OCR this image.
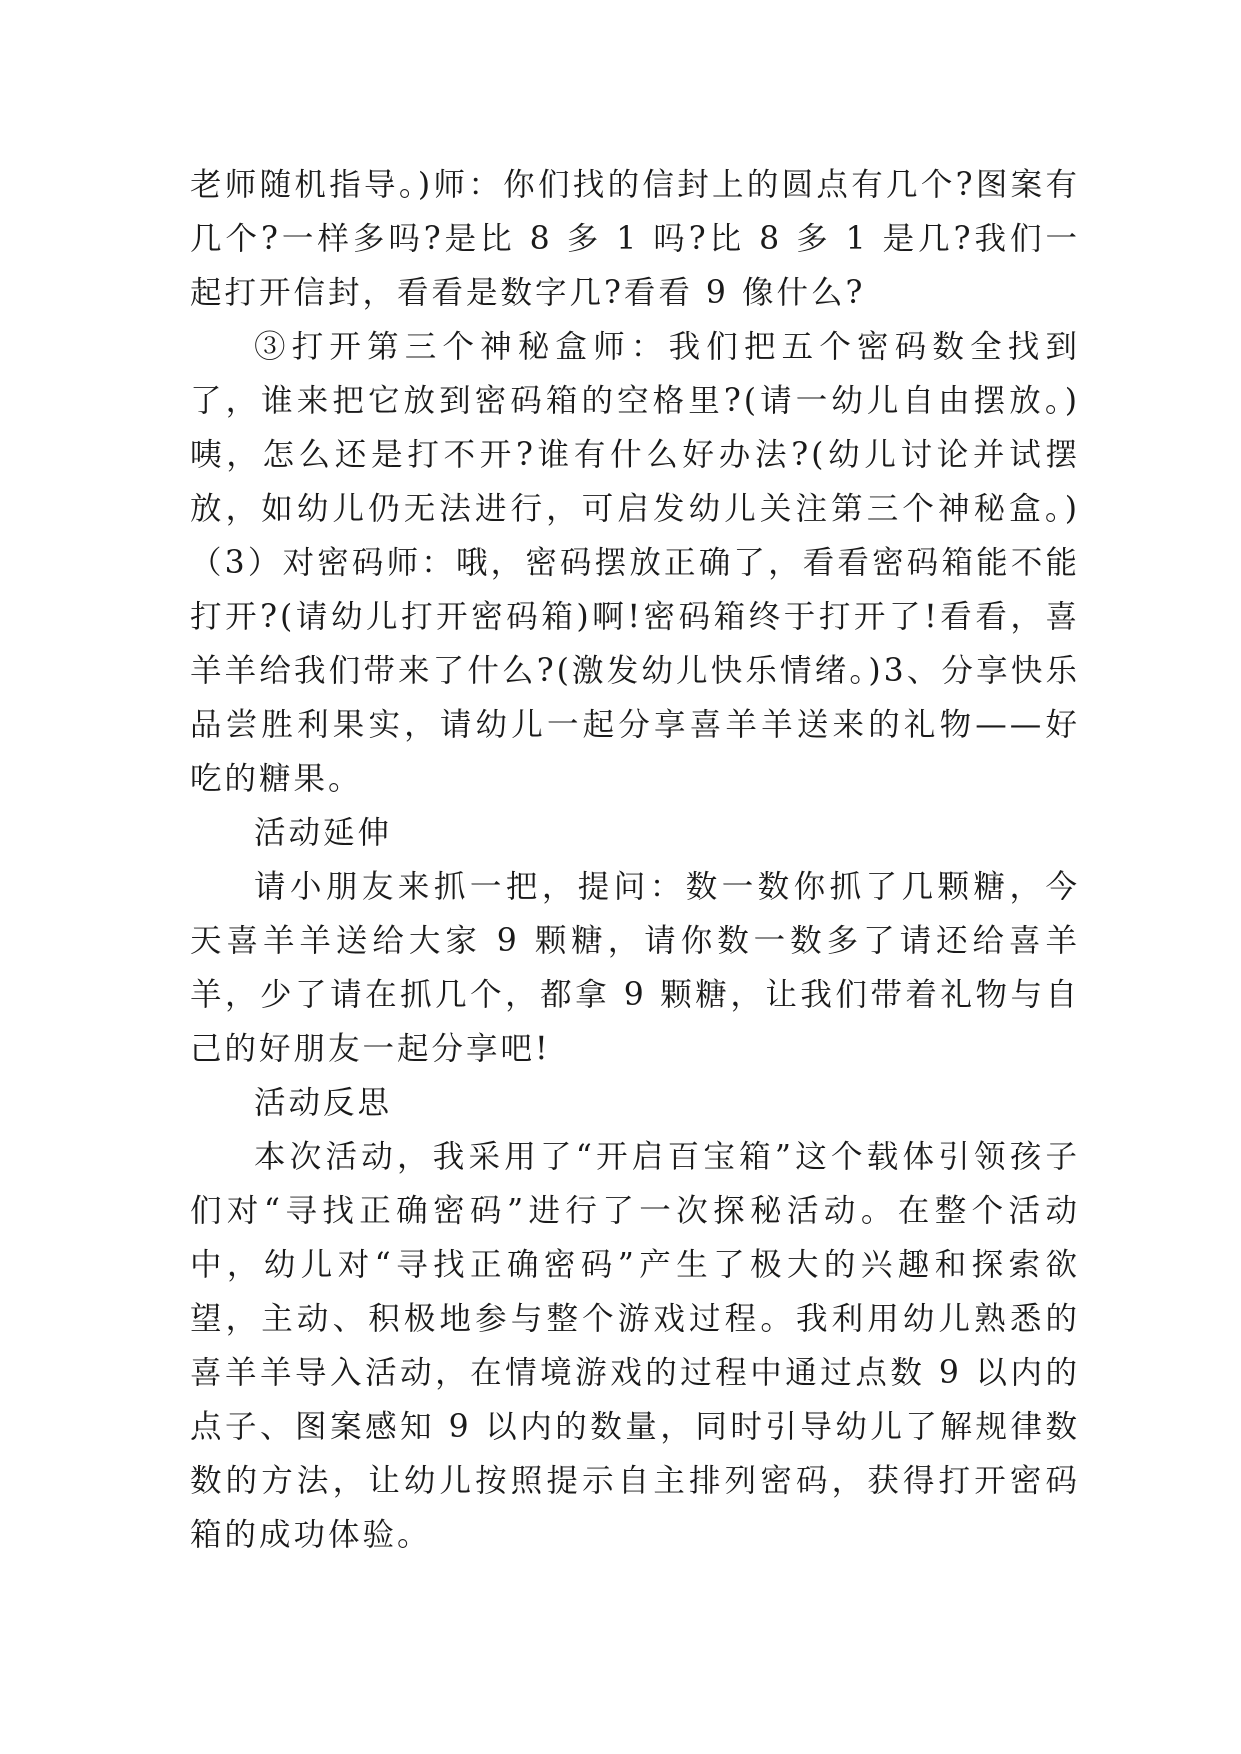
老师随机指导。)师：你们找的信封上的圆点有几个?图案有几个?一样多吗?是比 8 多 1 吗?比 8 多 1 是几?我们一起打开信封，看看是数字几?看看 9 像什么?

③打开第三个神秘盒师：我们把五个密码数全找到了，谁来把它放到密码箱的空格里?(请一幼儿自由摆放。)咦，怎么还是打不开?谁有什么好办法?(幼儿讨论并试摆放，如幼儿仍无法进行，可启发幼儿关注第三个神秘盒。)（3）对密码师：哦，密码摆放正确了，看看密码箱能不能打开?(请幼儿打开密码箱)啊!密码箱终于打开了!看看，喜羊羊给我们带来了什么?(激发幼儿快乐情绪。)3、分享快乐品尝胜利果实，请幼儿一起分享喜羊羊送来的礼物——好吃的糖果。

活动延伸

请小朋友来抓一把，提问：数一数你抓了几颗糖，今天喜羊羊送给大家 9 颗糖，请你数一数多了请还给喜羊羊，少了请在抓几个，都拿 9 颗糖，让我们带着礼物与自己的好朋友一起分享吧!

活动反思

本次活动，我采用了“开启百宝箱”这个载体引领孩子们对“寻找正确密码”进行了一次探秘活动。在整个活动中，幼儿对“寻找正确密码”产生了极大的兴趣和探索欲望，主动、积极地参与整个游戏过程。我利用幼儿熟悉的喜羊羊导入活动，在情境游戏的过程中通过点数 9 以内的点子、图案感知 9 以内的数量，同时引导幼儿了解规律数数的方法，让幼儿按照提示自主排列密码，获得打开密码箱的成功体验。
